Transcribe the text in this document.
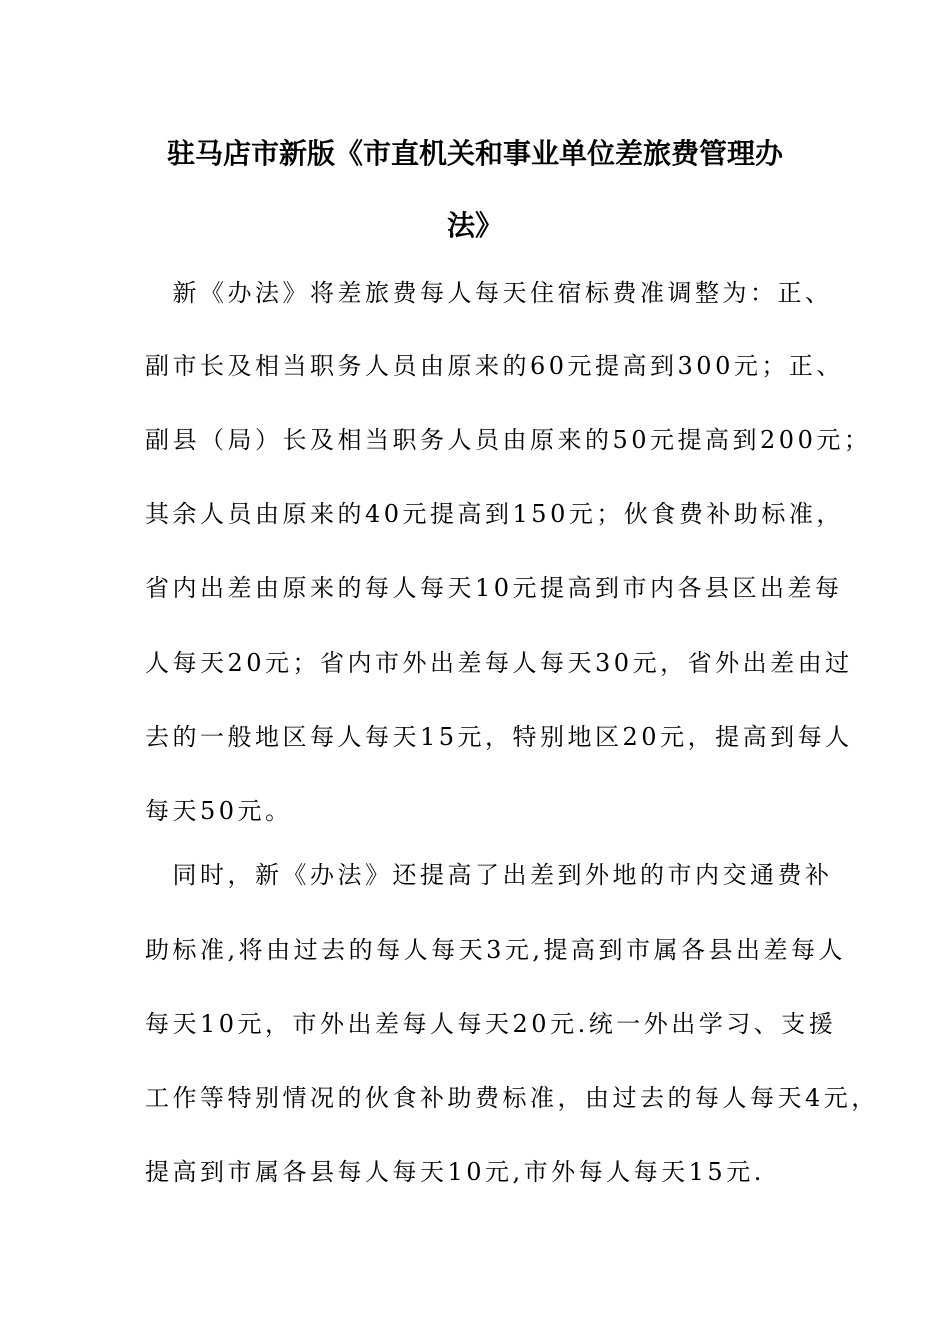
驻马店市新版《市直机关和事业单位差旅费管理办
法》
　新《办法》将差旅费每人每天住宿标费准调整为：正、
副市长及相当职务人员由原来的60元提高到300元；正、
副县（局）长及相当职务人员由原来的50元提高到200元；
其余人员由原来的40元提高到150元；伙食费补助标准，
省内出差由原来的每人每天10元提高到市内各县区出差每
人每天20元；省内市外出差每人每天30元，省外出差由过
去的一般地区每人每天15元，特别地区20元，提高到每人
每天50元。
　同时，新《办法》还提高了出差到外地的市内交通费补
助标准,将由过去的每人每天3元,提高到市属各县出差每人
每天10元，市外出差每人每天20元.统一外出学习、支援
工作等特别情况的伙食补助费标准，由过去的每人每天4元，
提高到市属各县每人每天10元,市外每人每天15元.
